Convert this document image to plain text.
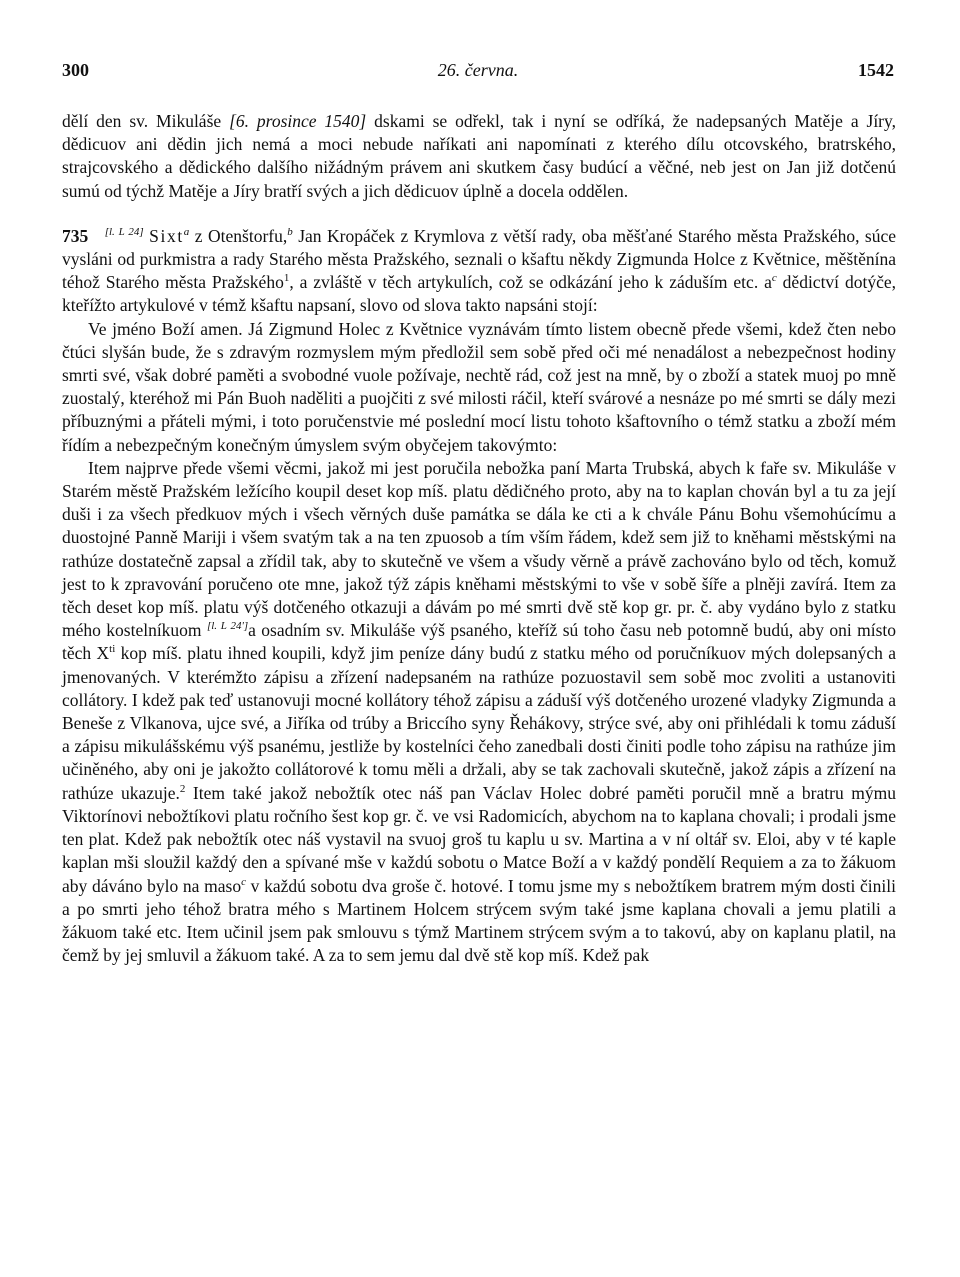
300	26. června.	1542

dělí den sv. Mikuláše [6. prosince 1540] dskami se odřekl, tak i nyní se odříká, že nadepsaných Matěje a Jíry, dědicuov ani dědin jich nemá a moci nebude naříkati ani napomínati z kterého dílu otcovského, bratrského, strajcovského a dědického dalšího nižádným právem ani skutkem časy budúcí a věčné, neb jest on Jan již dotčenú sumú od týchž Matěje a Jíry bratří svých a jich dědicuov úplně a docela oddělen.

735 [l. L 24] Sixt$^a$ z Otenštorfu,$^b$ Jan Kropáček z Krymlova z větší rady, oba měšťané Starého města Pražského, súce vysláni od purkmistra a rady Starého města Pražského, seznali o kšaftu někdy Zigmunda Holce z Květnice, měštěnína téhož Starého města Pražského$^1$, a zvláště v těch artykulích, což se odkázání jeho k záduším etc. $a^c$ dědictví dotýče, kteřížto artykulové v témž kšaftu napsaní, slovo od slova takto napsáni stojí:

Ve jméno Boží amen. Já Zigmund Holec z Květnice vyznávám tímto listem obecně přede všemi, kdež čten nebo čtúci slyšán bude, že s zdravým rozmyslem mým předložil sem sobě před oči mé nenadálost a nebezpečnost hodiny smrti své, však dobré paměti a svobodné vuole požívaje, nechtě rád, což jest na mně, by o zboží a statek muoj po mně zuostalý, kteréhož mi Pán Buoh naděliti a puojčiti z své milosti ráčil, kteří svárové a nesnáze po mé smrti se dály mezi příbuznými a přáteli mými, i toto poručenstvie mé poslední mocí listu tohoto kšaftovního o témž statku a zboží mém řídím a nebezpečným konečným úmyslem svým obyčejem takovýmto:

Item najprve přede všemi věcmi, jakož mi jest poručila nebožka paní Marta Trubská, abych k faře sv. Mikuláše v Starém městě Pražském ležícího koupil deset kop míš. platu dědičného proto, aby na to kaplan chován byl a tu za její duši i za všech předkuov mých i všech věrných duše památka se dála ke cti a k chvále Pánu Bohu všemohúcímu a duostojné Panně Mariji i všem svatým tak a na ten zpuosob a tím vším řádem, kdež sem již to kněhami městskými na rathúze dostatečně zapsal a zřídil tak, aby to skutečně ve všem a všudy věrně a právě zachováno bylo od těch, komuž jest to k zpravování poručeno ote mne, jakož týž zápis kněhami městskými to vše v sobě šíře a plněji zavírá. Item za těch deset kop míš. platu výš dotčeného otkazuji a dávám po mé smrti dvě stě kop gr. pr. č. aby vydáno bylo z statku mého kostelníkuom [l. L 24']a osadním sv. Mikuláše výš psaného, kteříž sú toho času neb potomně budú, aby oni místo těch $X^{ti}$ kop míš. platu ihned koupili, když jim peníze dány budú z statku mého od poručníkuov mých dolepsaných a jmenovaných. V kterémžto zápisu a zřízení nadepsaném na rathúze pozuostavil sem sobě moc zvoliti a ustanoviti collátory. I kdež pak teď ustanovuji mocné kollátory téhož zápisu a záduší výš dotčeného urozené vladyky Zigmunda a Beneše z Vlkanova, ujce své, a Jiříka od trúby a Briccího syny Řehákovy, strýce své, aby oni přihlédali k tomu záduší a zápisu mikulášskému výš psanému, jestliže by kostelníci čeho zanedbali dosti činiti podle toho zápisu na rathúze jim učiněného, aby oni je jakožto collátorové k tomu měli a držali, aby se tak zachovali skutečně, jakož zápis a zřízení na rathúze ukazuje.$^2$ Item také jakož nebožtík otec náš pan Václav Holec dobré paměti poručil mně a bratru mýmu Viktorínovi nebožtíkovi platu ročního šest kop gr. č. ve vsi Radomicích, abychom na to kaplana chovali; i prodali jsme ten plat. Kdež pak nebožtík otec náš vystavil na svuoj groš tu kaplu u sv. Martina a v ní oltář sv. Eloi, aby v té kaple kaplan mši sloužil každý den a spívané mše v každú sobotu o Matce Boží a v každý pondělí Requiem a za to žákuom aby dáváno bylo na maso$^c$ v každú sobotu dva groše č. hotové. I tomu jsme my s nebožtíkem bratrem mým dosti činili a po smrti jeho téhož bratra mého s Martinem Holcem strýcem svým také jsme kaplana chovali a jemu platili a žákuom také etc. Item učinil jsem pak smlouvu s týmž Martinem strýcem svým a to takovú, aby on kaplanu platil, na čemž by jej smluvil a žákuom také. A za to sem jemu dal dvě stě kop míš. Kdež pak
